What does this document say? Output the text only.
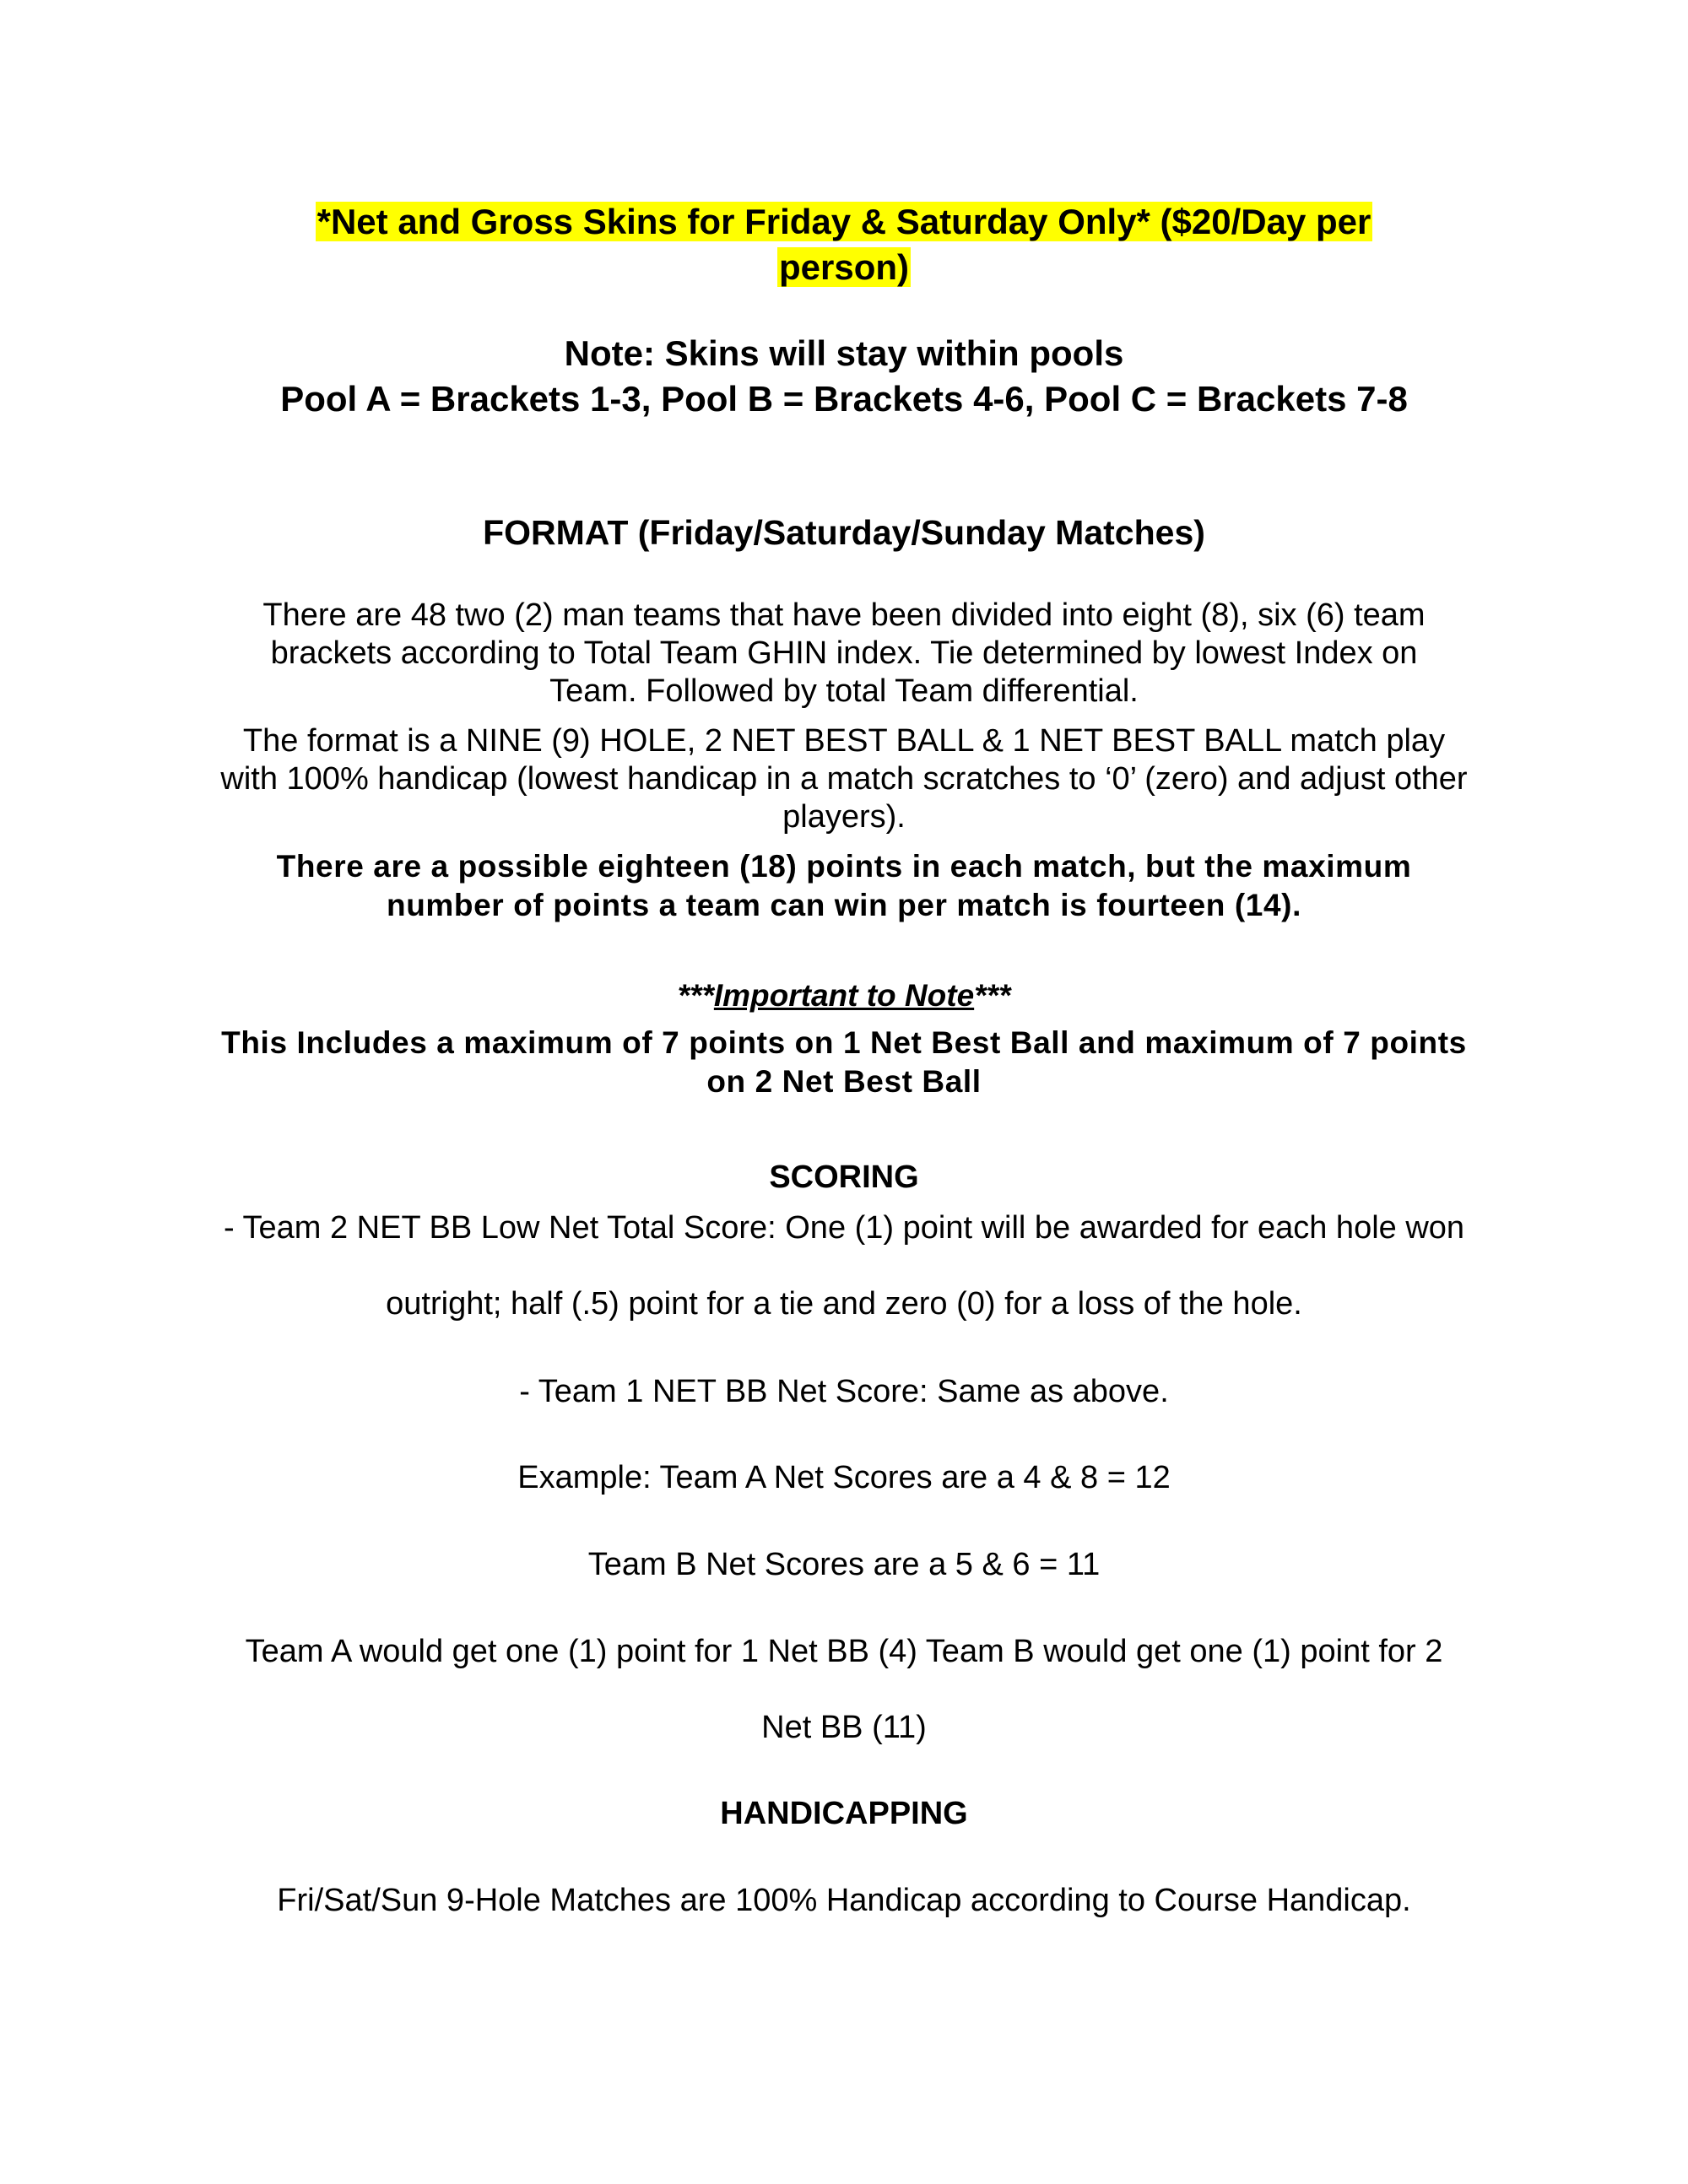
*Net and Gross Skins for Friday & Saturday Only* ($20/Day per
person)
Note: Skins will stay within pools
Pool A = Brackets 1-3, Pool B = Brackets 4-6, Pool C = Brackets 7-8
FORMAT (Friday/Saturday/Sunday Matches)
There are 48 two (2) man teams that have been divided into eight (8), six (6) team
brackets according to Total Team GHIN index. Tie determined by lowest Index on
Team. Followed by total Team differential.
The format is a NINE (9) HOLE, 2 NET BEST BALL & 1 NET BEST BALL match play
with 100% handicap (lowest handicap in a match scratches to ‘0’ (zero) and adjust other
players).
There are a possible eighteen (18) points in each match, but the maximum
number of points a team can win per match is fourteen (14).
***Important to Note***
This Includes a maximum of 7 points on 1 Net Best Ball and maximum of 7 points
on 2 Net Best Ball
SCORING
- Team 2 NET BB Low Net Total Score: One (1) point will be awarded for each hole won
outright; half (.5) point for a tie and zero (0) for a loss of the hole.
- Team 1 NET BB Net Score: Same as above.
Example: Team A Net Scores are a 4 & 8 = 12
Team B Net Scores are a 5 & 6 = 11
Team A would get one (1) point for 1 Net BB (4) Team B would get one (1) point for 2
Net BB (11)
HANDICAPPING
Fri/Sat/Sun 9-Hole Matches are 100% Handicap according to Course Handicap.
